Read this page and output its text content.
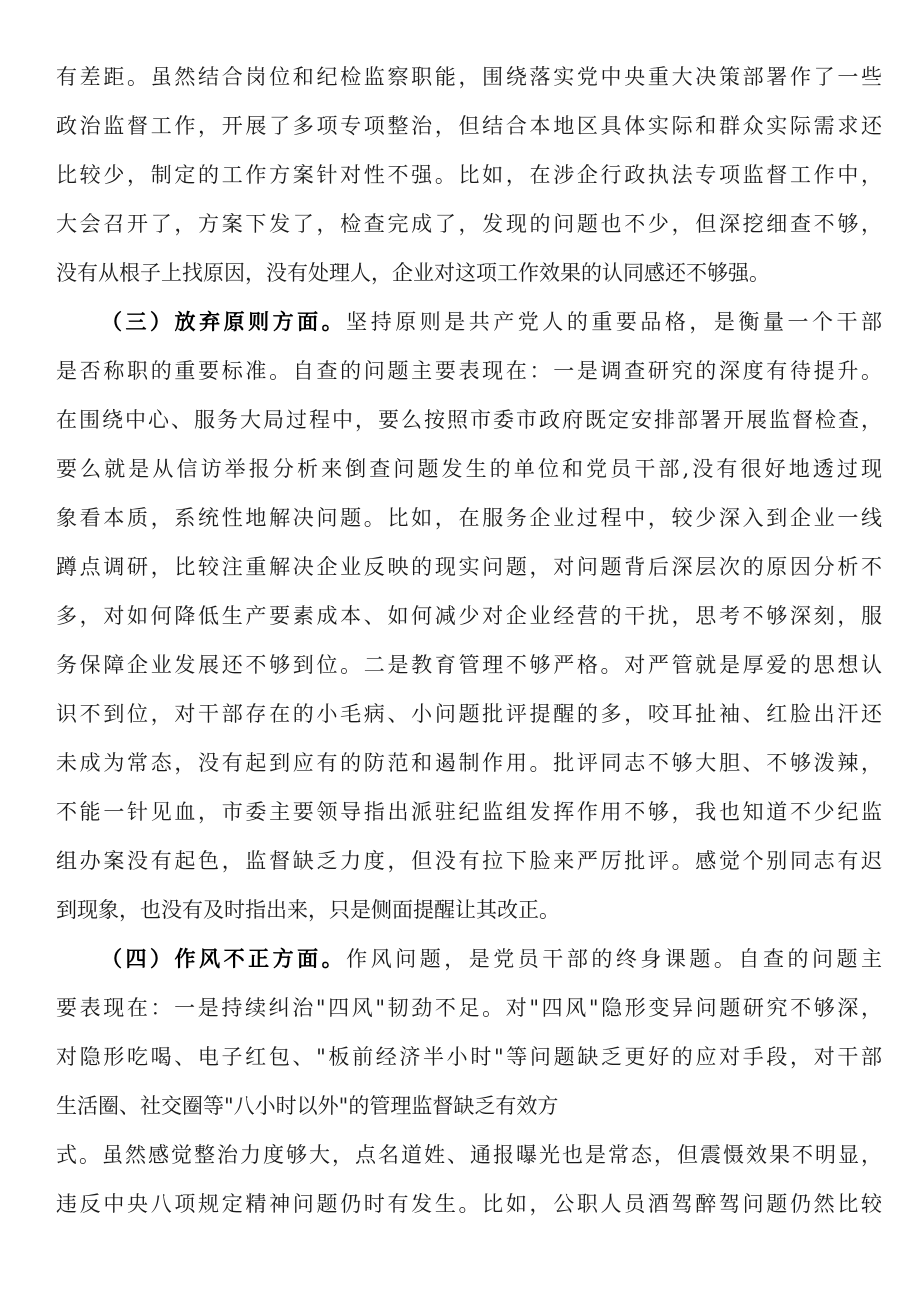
有差距。虽然结合岗位和纪检监察职能，围绕落实党中央重大决策部署作了一些
政治监督工作，开展了多项专项整治，但结合本地区具体实际和群众实际需求还
比较少，制定的工作方案针对性不强。比如，在涉企行政执法专项监督工作中，
大会召开了，方案下发了，检查完成了，发现的问题也不少，但深挖细查不够，
没有从根子上找原因，没有处理人，企业对这项工作效果的认同感还不够强。
（三）放弃原则方面。坚持原则是共产党人的重要品格，是衡量一个干部
是否称职的重要标准。自查的问题主要表现在：一是调查研究的深度有待提升。
在围绕中心、服务大局过程中，要么按照市委市政府既定安排部署开展监督检查，
要么就是从信访举报分析来倒查问题发生的单位和党员干部,没有很好地透过现
象看本质，系统性地解决问题。比如，在服务企业过程中，较少深入到企业一线
蹲点调研，比较注重解决企业反映的现实问题，对问题背后深层次的原因分析不
多，对如何降低生产要素成本、如何减少对企业经营的干扰，思考不够深刻，服
务保障企业发展还不够到位。二是教育管理不够严格。对严管就是厚爱的思想认
识不到位，对干部存在的小毛病、小问题批评提醒的多，咬耳扯袖、红脸出汗还
未成为常态，没有起到应有的防范和遏制作用。批评同志不够大胆、不够泼辣，
不能一针见血，市委主要领导指出派驻纪监组发挥作用不够，我也知道不少纪监
组办案没有起色，监督缺乏力度，但没有拉下脸来严厉批评。感觉个别同志有迟
到现象，也没有及时指出来，只是侧面提醒让其改正。
（四）作风不正方面。作风问题，是党员干部的终身课题。自查的问题主
要表现在：一是持续纠治"四风"韧劲不足。对"四风"隐形变异问题研究不够深，
对隐形吃喝、电子红包、"板前经济半小时"等问题缺乏更好的应对手段，对干部
生活圈、社交圈等"八小时以外"的管理监督缺乏有效方
式。虽然感觉整治力度够大，点名道姓、通报曝光也是常态，但震慑效果不明显，
违反中央八项规定精神问题仍时有发生。比如，公职人员酒驾醉驾问题仍然比较
